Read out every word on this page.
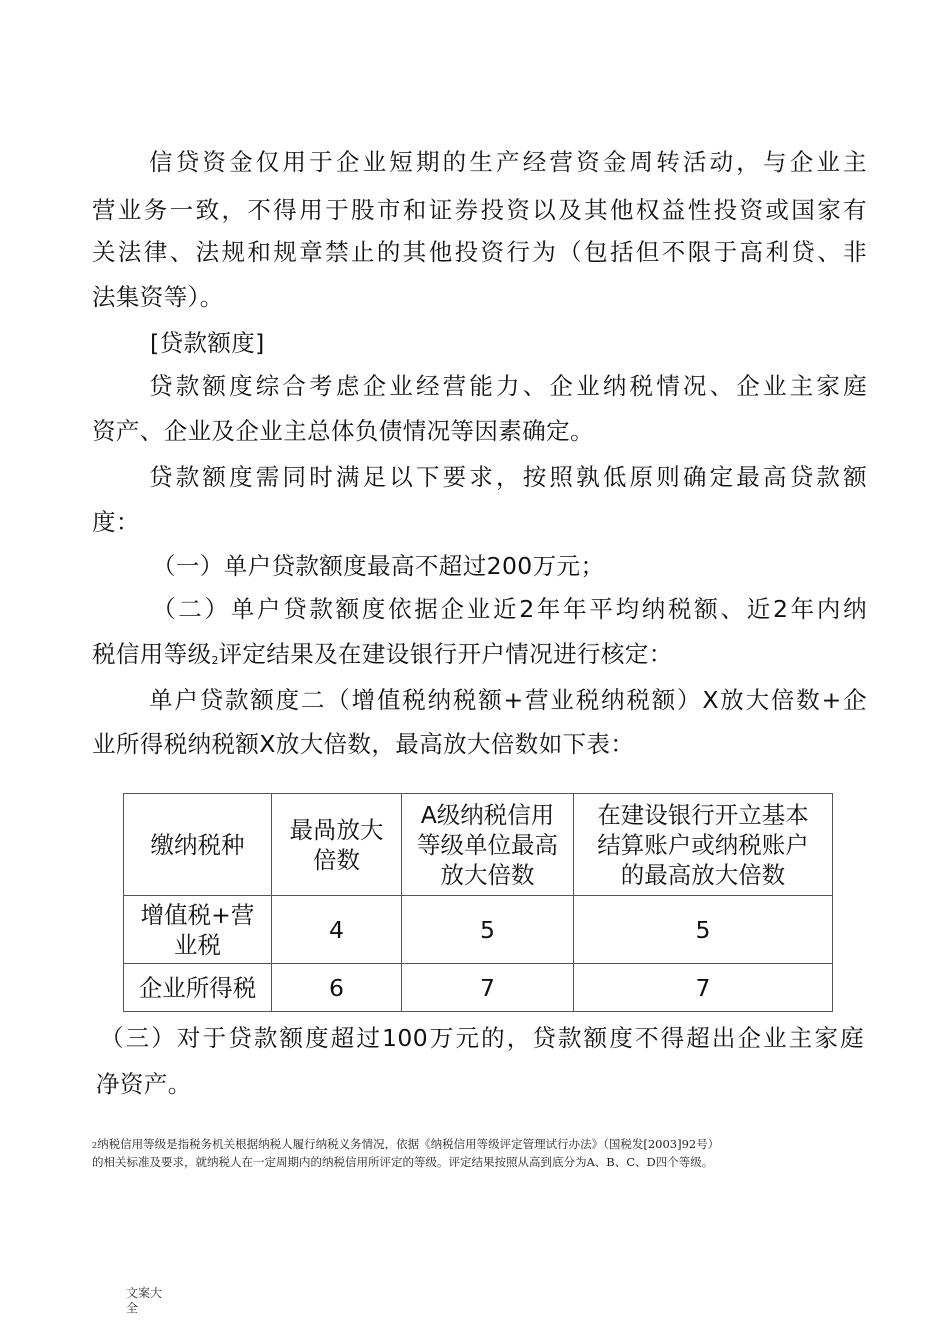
信贷资金仅用于企业短期的生产经营资金周转活动，与企业主
营业务一致，不得用于股市和证券投资以及其他权益性投资或国家有
关法律、法规和规章禁止的其他投资行为（包括但不限于高利贷、非
法集资等）。
[贷款额度]
贷款额度综合考虑企业经营能力、企业纳税情况、企业主家庭
资产、企业及企业主总体负债情况等因素确定。
贷款额度需同时满足以下要求，按照孰低原则确定最高贷款额
度：
（一）单户贷款额度最高不超过200万元；
（二）单户贷款额度依据企业近2年年平均纳税额、近2年内纳
税信用等级2评定结果及在建设银行开户情况进行核定：
单户贷款额度二（增值税纳税额+营业税纳税额）X放大倍数+企
业所得税纳税额X放大倍数，最高放大倍数如下表：
缴纳税种	最咼放大倍数	A级纳税信用等级单位最高放大倍数	在建设银行开立基本结算账户或纳税账户的最高放大倍数
增值税+营业税	4	5	5
企业所得税	6	7	7
（三）对于贷款额度超过100万元的，贷款额度不得超出企业主家庭
净资产。
2纳税信用等级是指税务机关根据纳税人履行纳税义务情况，依据《纳税信用等级评定管理试行办法》（国税发[2003]92号）
的相关标准及要求，就纳税人在一定周期内的纳税信用所评定的等级。评定结果按照从高到底分为A、B、C、D四个等级。
文案大全
